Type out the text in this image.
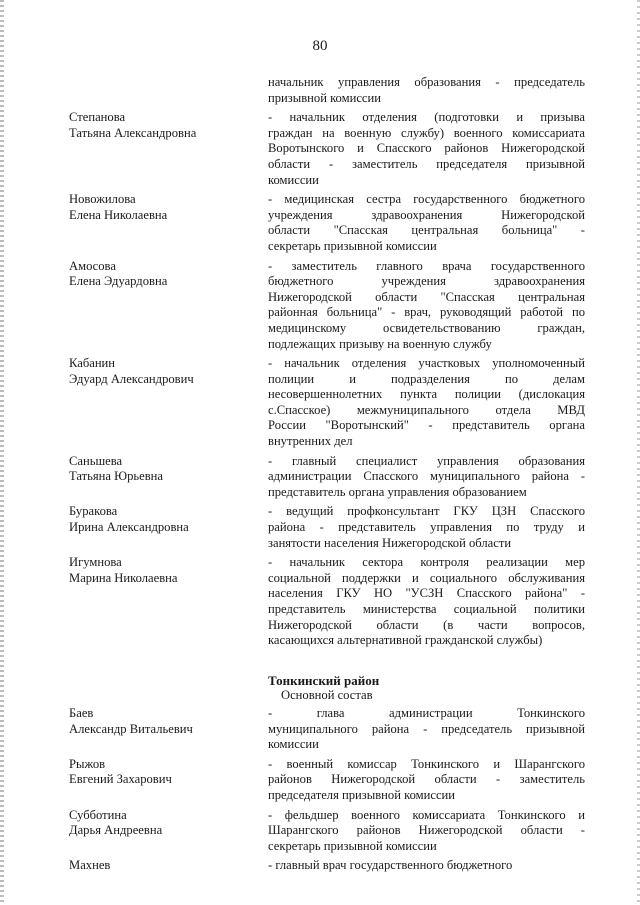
80
начальник управления образования - председатель
призывной комиссии
Степанова
Татьяна Александровна
- начальник отделения (подготовки и призыва
граждан на военную службу) военного комиссариата
Воротынского и Спасского районов Нижегородской
области - заместитель председателя призывной
комиссии
Новожилова
Елена Николаевна
- медицинская сестра государственного бюджетного
учреждения здравоохранения Нижегородской
области "Спасская центральная больница" -
секретарь призывной комиссии
Амосова
Елена Эдуардовна
- заместитель главного врача государственного
бюджетного учреждения здравоохранения
Нижегородской области "Спасская центральная
районная больница" - врач, руководящий работой по
медицинскому освидетельствованию граждан,
подлежащих призыву на военную службу
Кабанин
Эдуард Александрович
- начальник отделения участковых уполномоченный
полиции и подразделения по делам
несовершеннолетних пункта полиции (дислокация
с.Спасское) межмуниципального отдела МВД
России "Воротынский" - представитель органа
внутренних дел
Саньшева
Татьяна Юрьевна
- главный специалист управления образования
администрации Спасского муниципального района -
представитель органа управления образованием
Буракова
Ирина Александровна
- ведущий профконсультант ГКУ ЦЗН Спасского
района - представитель управления по труду и
занятости населения Нижегородской области
Игумнова
Марина Николаевна
- начальник сектора контроля реализации мер
социальной поддержки и социального обслуживания
населения ГКУ НО "УСЗН Спасского района" -
представитель министерства социальной политики
Нижегородской области (в части вопросов,
касающихся альтернативной гражданской службы)
Тонкинский район
Основной состав
Баев
Александр Витальевич
- глава администрации Тонкинского
муниципального района - председатель призывной
комиссии
Рыжов
Евгений Захарович
- военный комиссар Тонкинского и Шарангского
районов Нижегородской области - заместитель
председателя призывной комиссии
Субботина
Дарья Андреевна
- фельдшер военного комиссариата Тонкинского и
Шарангского районов Нижегородской области -
секретарь призывной комиссии
Махнев	- главный врач государственного бюджетного
